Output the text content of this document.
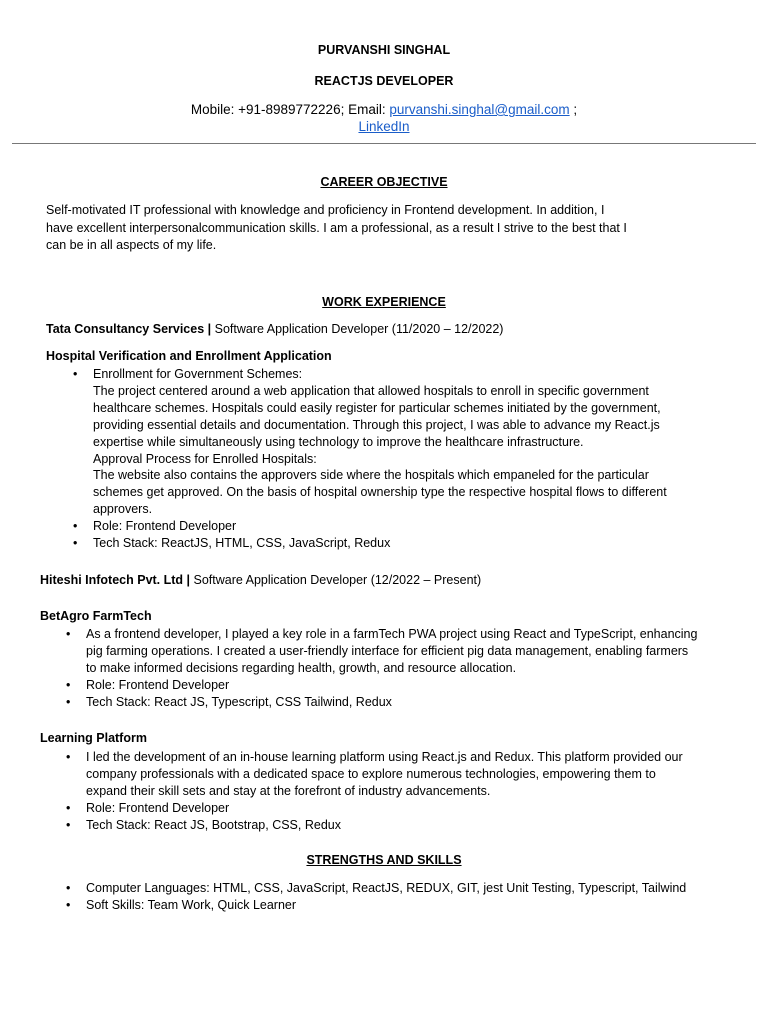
PURVANSHI SINGHAL
REACTJS DEVELOPER
Mobile: +91-8989772226; Email: purvanshi.singhal@gmail.com ;
LinkedIn
CAREER OBJECTIVE

Self-motivated IT professional with knowledge and proficiency in Frontend development. In addition, I

have excellent interpersonalcommunication skills. I am a professional, as a result I strive to the best that I

can be in all aspects of my life.

WORK EXPERIENCE
Tata Consultancy Services | Software Application Developer (11/2020 – 12/2022)
Hospital Verification and Enrollment Application
• Enrollment for Government Schemes:
The project centered around a web application that allowed hospitals to enroll in specific government
healthcare schemes. Hospitals could easily register for particular schemes initiated by the government,
providing essential details and documentation. Through this project, I was able to advance my React.js
expertise while simultaneously using technology to improve the healthcare infrastructure.
Approval Process for Enrolled Hospitals:
The website also contains the approvers side where the hospitals which empaneled for the particular
schemes get approved. On the basis of hospital ownership type the respective hospital flows to different
approvers.
• Role: Frontend Developer
• Tech Stack: ReactJS, HTML, CSS, JavaScript, Redux
Hiteshi Infotech Pvt. Ltd | Software Application Developer (12/2022 – Present)
BetAgro FarmTech
• As a frontend developer, I played a key role in a farmTech PWA project using React and TypeScript, enhancing
pig farming operations. I created a user-friendly interface for efficient pig data management, enabling farmers
to make informed decisions regarding health, growth, and resource allocation.
• Role: Frontend Developer
• Tech Stack: React JS, Typescript, CSS Tailwind, Redux
Learning Platform
• I led the development of an in-house learning platform using React.js and Redux. This platform provided our
company professionals with a dedicated space to explore numerous technologies, empowering them to
expand their skill sets and stay at the forefront of industry advancements.
• Role: Frontend Developer
• Tech Stack: React JS, Bootstrap, CSS, Redux
STRENGTHS AND SKILLS
• Computer Languages: HTML, CSS, JavaScript, ReactJS, REDUX, GIT, jest Unit Testing, Typescript, Tailwind
• Soft Skills: Team Work, Quick Learner
